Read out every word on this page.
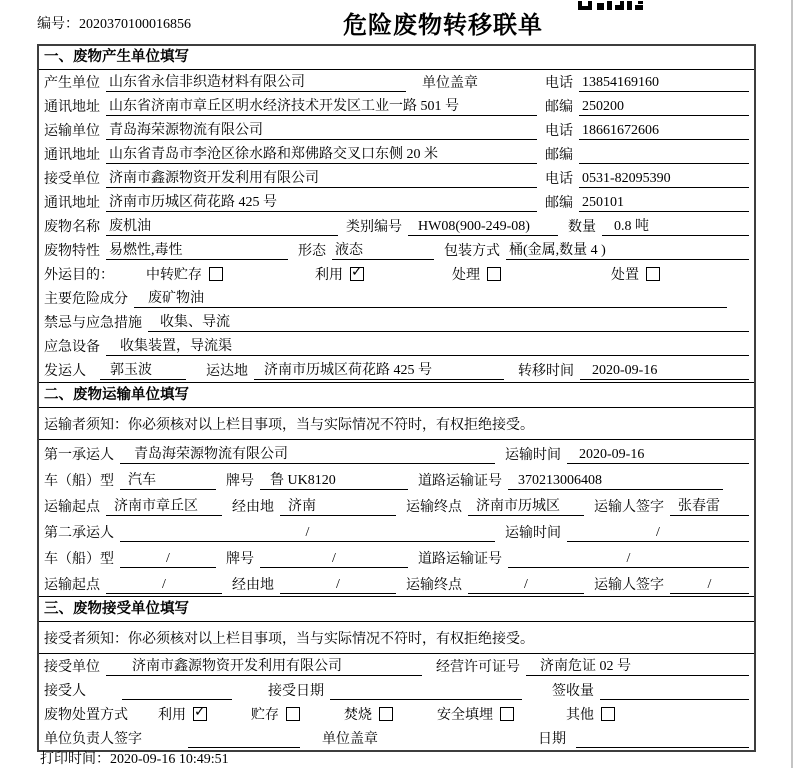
编号：2020370100016856	危险废物转移联单
一、废物产生单位填写
产生单位 山东省永信非织造材料有限公司	单位盖章	电话 13854169160
通讯地址 山东省济南市章丘区明水经济技术开发区工业一路 501 号	邮编 250200
运输单位 青岛海荣源物流有限公司	电话 18661672606
通讯地址 山东省青岛市李沧区徐水路和郑佛路交叉口东侧 20 米	邮编
接受单位 济南市鑫源物资开发利用有限公司	电话 0531-82095390
通讯地址 济南市历城区荷花路 425 号	邮编 250101
废物名称 废机油	类别编号	HW08(900-249-08)	数量	0.8 吨
废物特性 易燃性,毒性	形态 液态	包装方式 桶(金属,数量 4 )
外运目的： 中转贮存	利用 ✓	处理	处置
主要危险成分	废矿物油
禁忌与应急措施	收集、导流
应急设备	收集装置，导流渠
发运人	郭玉波	运达地	济南市历城区荷花路 425 号	转移时间	2020-09-16
二、废物运输单位填写
运输者须知：你必须核对以上栏目事项，当与实际情况不符时，有权拒绝接受。
第一承运人	青岛海荣源物流有限公司	运输时间	2020-09-16
车（船）型	汽车	牌号	鲁 UK8120	道路运输证号	370213006408
运输起点	济南市章丘区	经由地	济南	运输终点	济南市历城区	运输人签字	张春雷
第二承运人	/	运输时间	/
车（船）型	/	牌号	/	道路运输证号	/
运输起点	/	经由地	/	运输终点	/	运输人签字	/
三、废物接受单位填写
接受者须知：你必须核对以上栏目事项，当与实际情况不符时，有权拒绝接受。
接受单位	济南市鑫源物资开发利用有限公司	经营许可证号	济南危证 02 号
接受人	接受日期	签收量
废物处置方式 利用 ✓	贮存	焚烧	安全填埋	其他
单位负责人签字	单位盖章	日期
打印时间：2020-09-16 10:49:51
